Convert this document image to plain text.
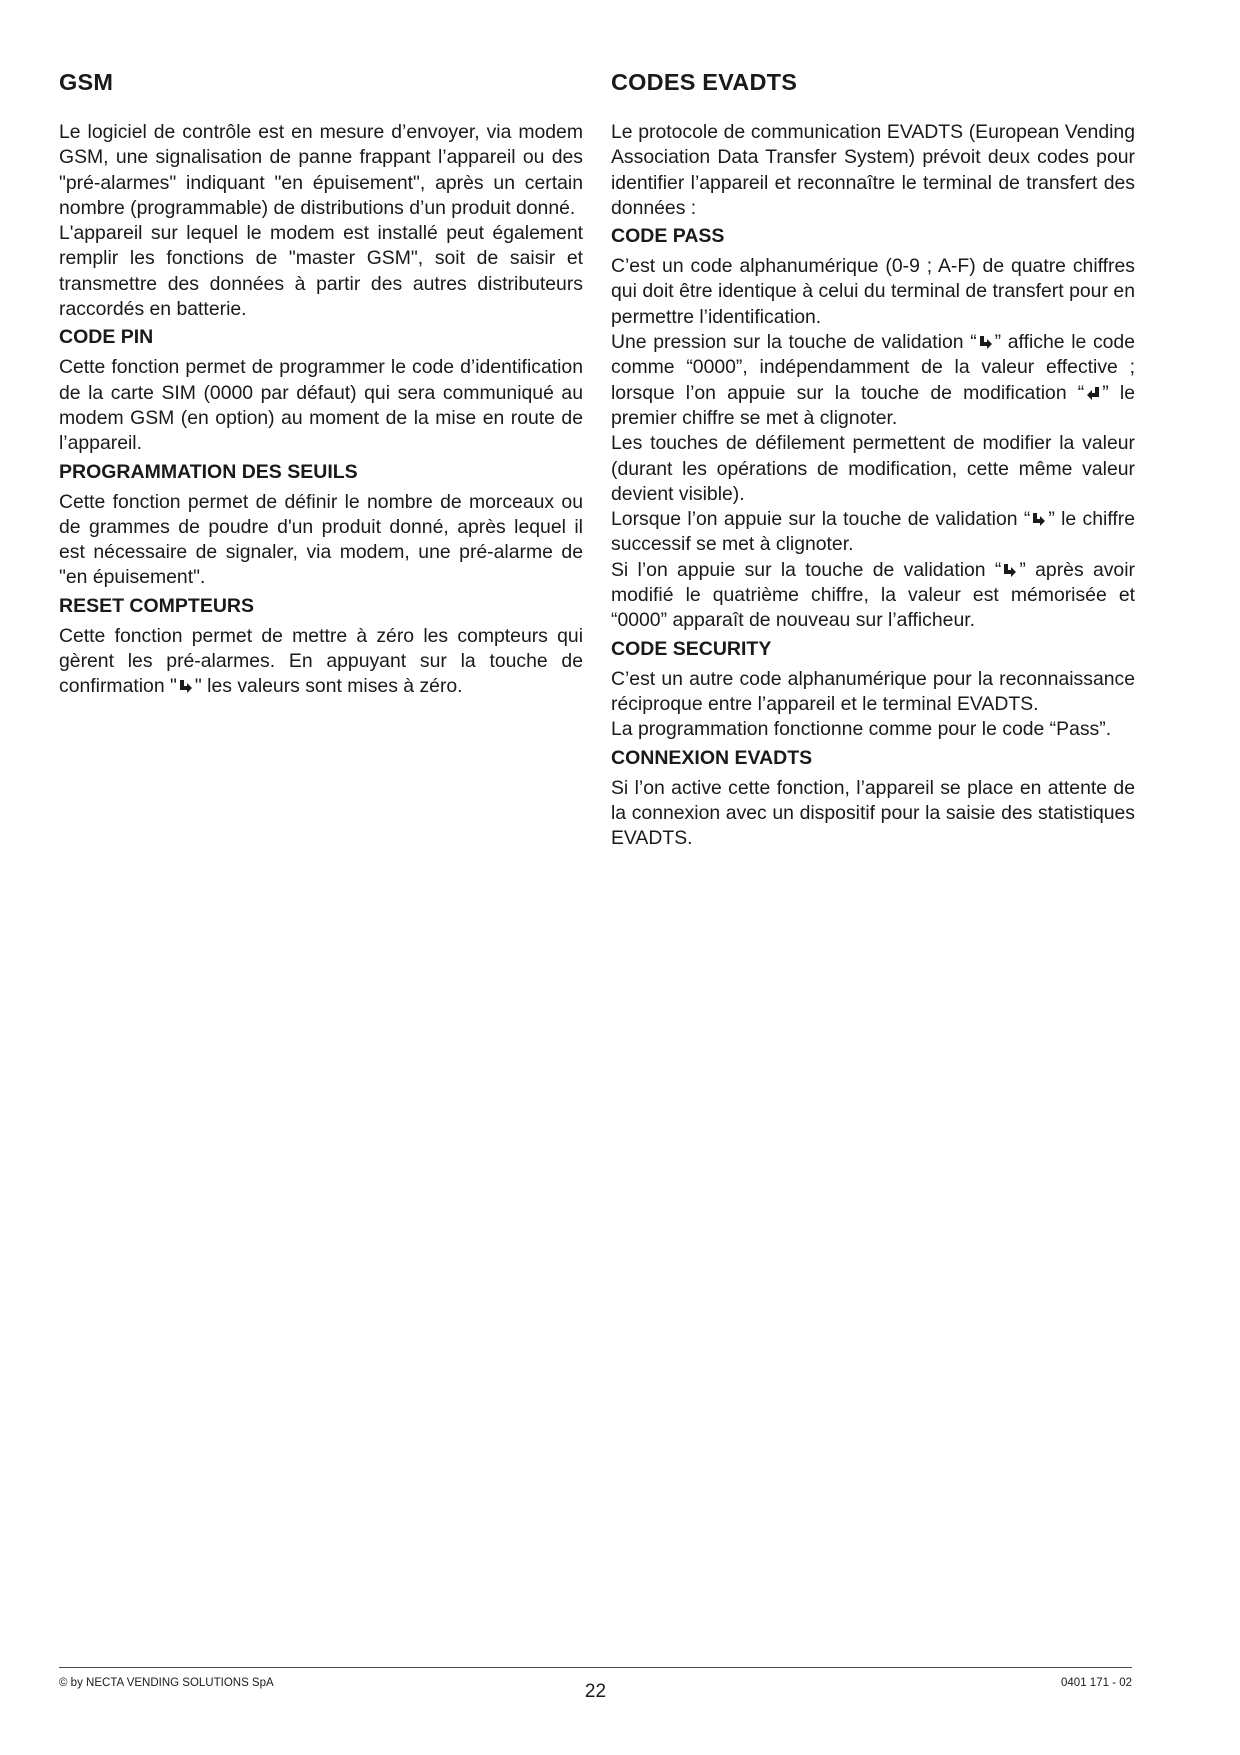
GSM

Le logiciel de contrôle est en mesure d’envoyer, via modem GSM, une signalisation de panne frappant l’appareil ou des "pré-alarmes" indiquant "en épuisement", après un certain nombre (programmable) de distributions d’un produit donné.

L'appareil sur lequel le modem est installé peut également remplir les fonctions de "master GSM", soit de saisir et transmettre des données à partir des autres distributeurs raccordés en batterie.

CODE PIN

Cette fonction permet de programmer le code d’identification de la carte SIM (0000 par défaut) qui sera communiqué au modem GSM (en option) au moment de la mise en route de l’appareil.

PROGRAMMATION DES SEUILS

Cette fonction permet de définir le nombre de morceaux ou de grammes de poudre d'un produit donné, après lequel il est nécessaire de signaler, via modem, une pré-alarme de "en épuisement".

RESET COMPTEURS

Cette fonction permet de mettre à zéro les compteurs qui gèrent les pré-alarmes. En appuyant sur la touche de confirmation " " les valeurs sont mises à zéro.

CODES EVADTS

Le protocole de communication EVADTS (European Vending Association Data Transfer System) prévoit deux codes pour identifier l’appareil et reconnaître le terminal de transfert des données :

CODE PASS

C’est un code alphanumérique (0-9 ; A-F) de quatre chiffres qui doit être identique à celui du terminal de transfert pour en permettre l’identification.

Une pression sur la touche de validation “ ” affiche le code comme “0000”, indépendamment de la valeur effective ; lorsque l’on appuie sur la touche de modification “ ” le premier chiffre se met à clignoter.

Les touches de défilement permettent de modifier la valeur (durant les opérations de modification, cette même valeur devient visible).

Lorsque l’on appuie sur la touche de validation “ ” le chiffre successif se met à clignoter.

Si l’on appuie sur la touche de validation “ ” après avoir modifié le quatrième chiffre, la valeur est mémorisée et “0000” apparaît de nouveau sur l’afficheur.

CODE SECURITY

C’est un autre code alphanumérique pour la reconnaissance réciproque entre l’appareil et le terminal EVADTS.

La programmation fonctionne comme pour le code “Pass”.

CONNEXION EVADTS

Si l’on active cette fonction, l’appareil se place en attente de la connexion avec un dispositif pour la saisie des statistiques EVADTS.

© by NECTA VENDING SOLUTIONS SpA	22	0401 171 - 02
